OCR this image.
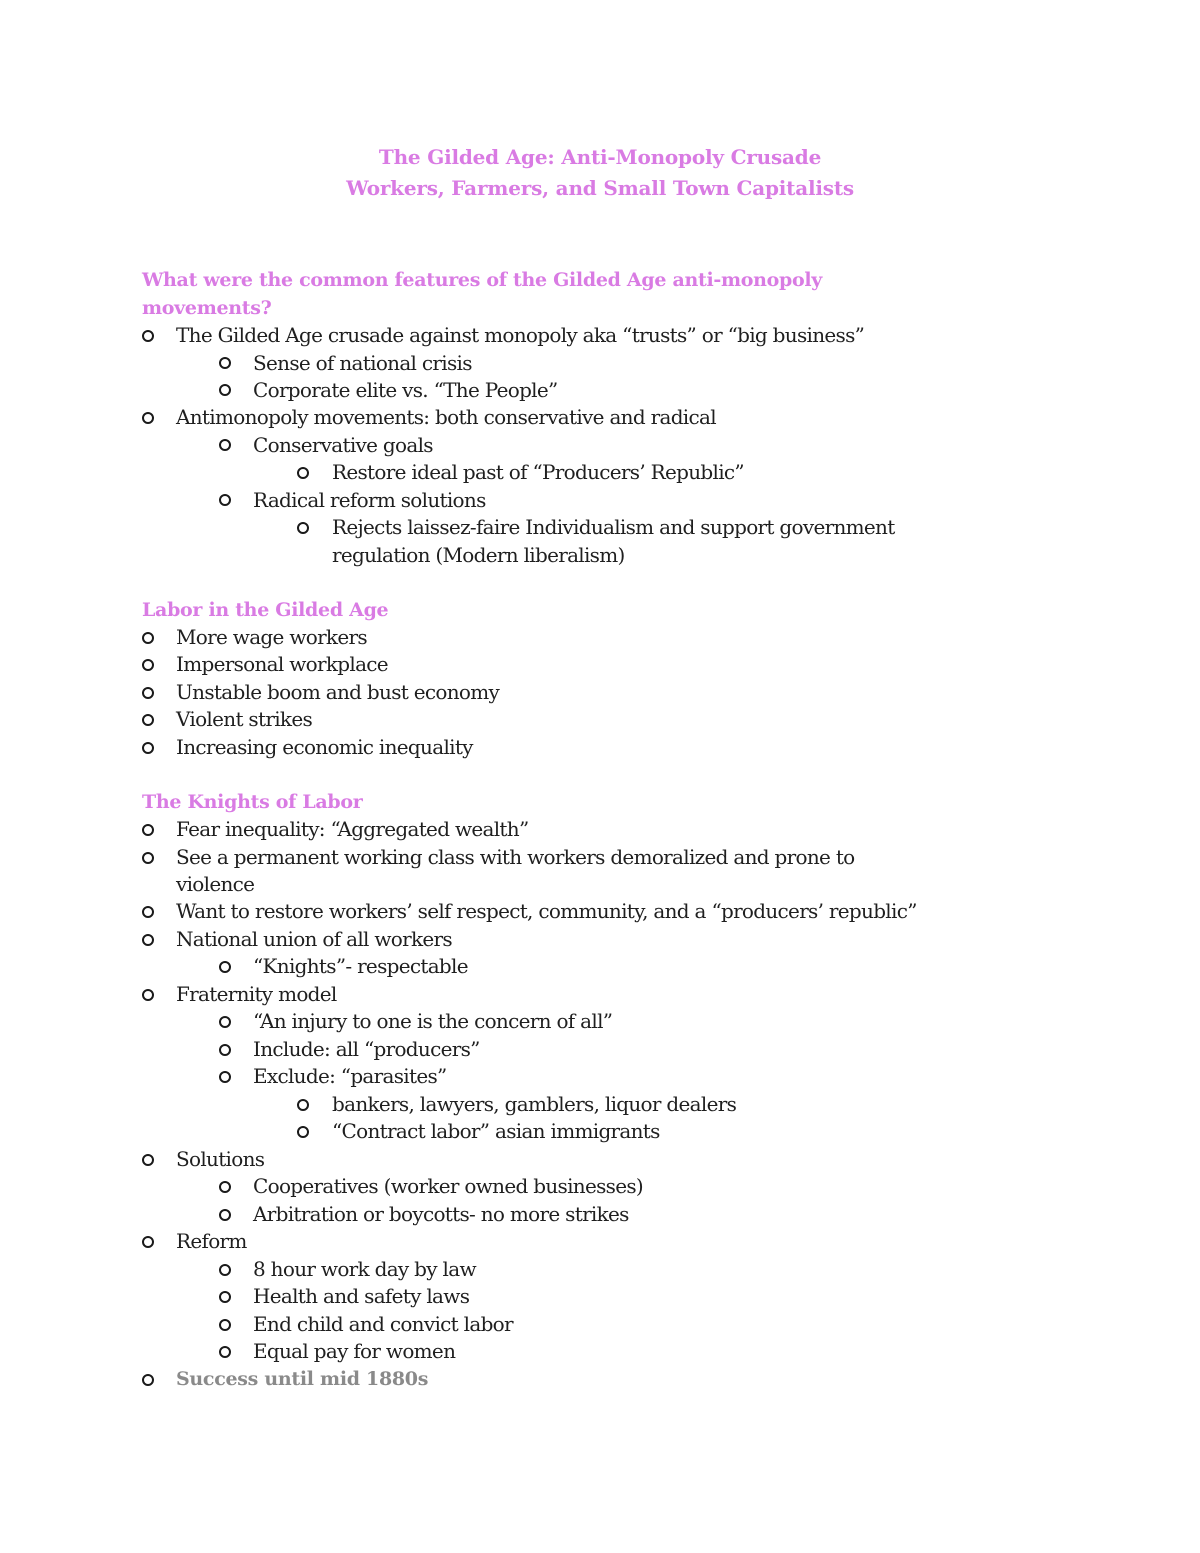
The Gilded Age: Anti-Monopoly Crusade
Workers, Farmers, and Small Town Capitalists
What were the common features of the Gilded Age anti-monopoly
movements?
The Gilded Age crusade against monopoly aka “trusts” or “big business”
Sense of national crisis
Corporate elite vs. “The People”
Antimonopoly movements: both conservative and radical
Conservative goals
Restore ideal past of “Producers’ Republic”
Radical reform solutions
Rejects laissez-faire Individualism and support government
regulation (Modern liberalism)
Labor in the Gilded Age
More wage workers
Impersonal workplace
Unstable boom and bust economy
Violent strikes
Increasing economic inequality
The Knights of Labor
Fear inequality: “Aggregated wealth”
See a permanent working class with workers demoralized and prone to
violence
Want to restore workers’ self respect, community, and a “producers’ republic”
National union of all workers
“Knights”- respectable
Fraternity model
“An injury to one is the concern of all”
Include: all “producers”
Exclude: “parasites”
bankers, lawyers, gamblers, liquor dealers
“Contract labor” asian immigrants
Solutions
Cooperatives (worker owned businesses)
Arbitration or boycotts- no more strikes
Reform
8 hour work day by law
Health and safety laws
End child and convict labor
Equal pay for women
Success until mid 1880s
